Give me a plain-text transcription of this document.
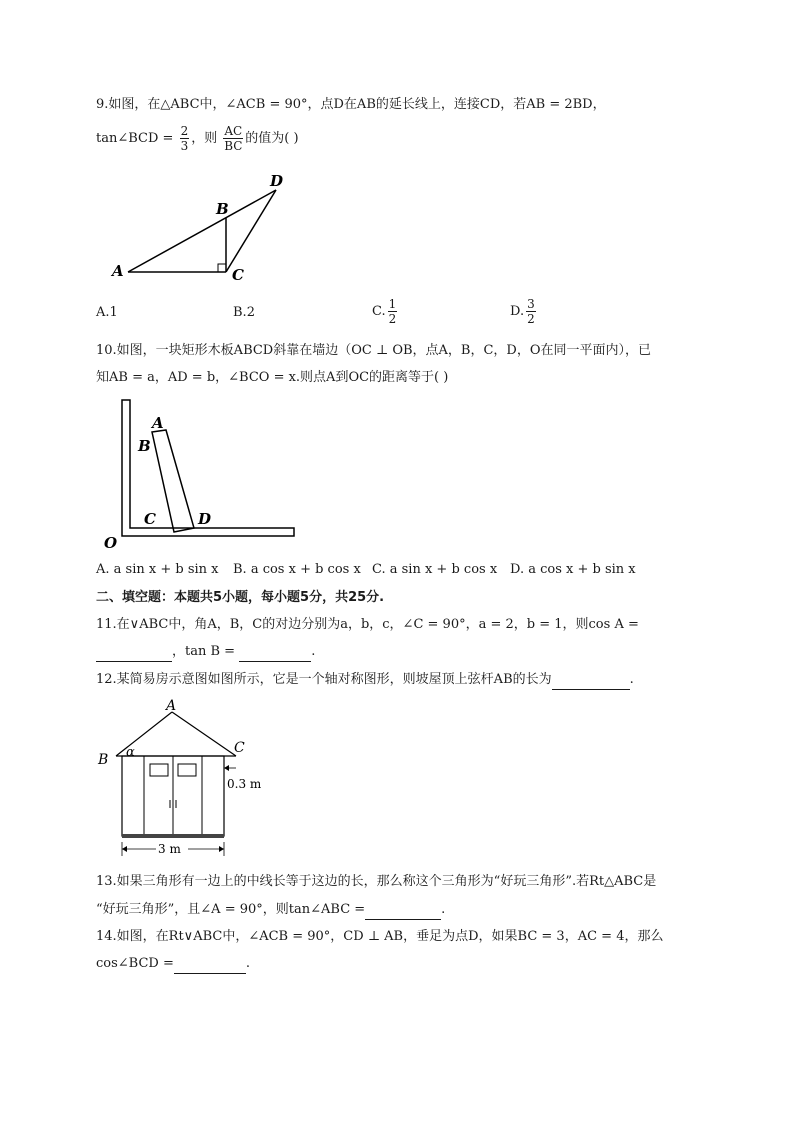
9.如图，在△ABC中，∠ACB = 90°，点D在AB的延长线上，连接CD，若AB = 2BD，
tan∠BCD = $\frac{2}{3}$ ，则 $\frac{AC}{BC}$ 的值为( )
A
B
C
D
A.1	B.2	C. $\frac{1}{2}$	D. $\frac{3}{2}$
10.如图，一块矩形木板ABCD斜靠在墙边（OC ⊥ OB，点A，B，C，D，O在同一平面内），已
知AB = a，AD = b，∠BCO = x.则点A到OC的距离等于( )
A
B
C	D
O
A. a sin x + b sin x B. a cos x + b cos x C. a sin x + b cos x D. a cos x + b sin x
二、填空题：本题共5小题，每小题5分，共25分.
11.在∨ABC中，角A，B，C的对边分别为a，b，c，∠C = 90°，a = 2，b = 1，则cos A =
，tan B =	.
12.某简易房示意图如图所示，它是一个轴对称图形，则坡屋顶上弦杆AB的长为	.
A
B
C
α
0.3 m
3 m
13.如果三角形有一边上的中线长等于这边的长，那么称这个三角形为“好玩三角形”.若Rt△ABC是
“好玩三角形”，且∠A = 90°，则tan∠ABC =	.
14.如图，在Rt∨ABC中，∠ACB = 90°，CD ⊥ AB，垂足为点D，如果BC = 3，AC = 4，那么
cos∠BCD =	.
